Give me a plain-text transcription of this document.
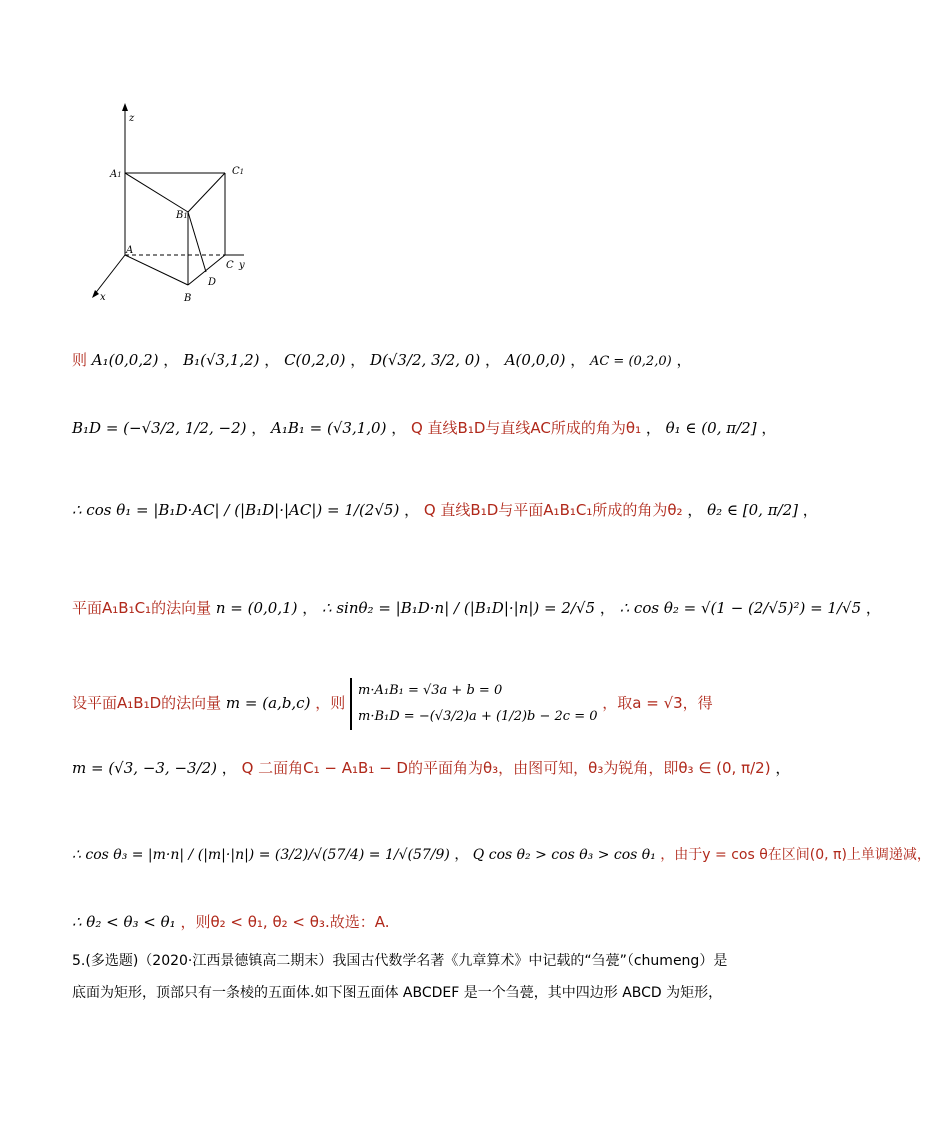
z
A1	C1
B1
A
C y
D
B
x
则 A₁(0,0,2) ， B₁(√3,1,2) ， C(0,2,0) ， D(√3/2, 3/2, 0) ， A(0,0,0) ， AC = (0,2,0) ，
B₁D = (−√3/2, 1/2, −2) ， A₁B₁ = (√3,1,0) ， Q 直线B₁D与直线AC所成的角为θ₁ ， θ₁ ∈ (0, π/2] ，
∴ cos θ₁ = |B₁D·AC| / (|B₁D|·|AC|) = 1/(2√5) ， Q 直线B₁D与平面A₁B₁C₁所成的角为θ₂ ， θ₂ ∈ [0, π/2] ，
平面A₁B₁C₁的法向量 n = (0,0,1) ， ∴ sinθ₂ = |B₁D·n| / (|B₁D|·|n|) = 2/√5 ， ∴ cos θ₂ = √(1 − (2/√5)²) = 1/√5 ，
设平面A₁B₁D的法向量 m = (a,b,c) ，则
m·A₁B₁ = √3a + b = 0
m·B₁D = −(√3/2)a + (1/2)b − 2c = 0
，取a = √3，得
m = (√3, −3, −3/2) ， Q 二面角C₁ − A₁B₁ − D的平面角为θ₃，由图可知，θ₃为锐角，即θ₃ ∈ (0, π/2) ，
∴ cos θ₃ = |m·n| / (|m|·|n|) = (3/2)/√(57/4) = 1/√(57/9) ， Q cos θ₂ > cos θ₃ > cos θ₁ ，由于y = cos θ在区间(0, π)上单调递减，
∴ θ₂ < θ₃ < θ₁ ，则θ₂ < θ₁, θ₂ < θ₃.故选：A.
5.(多选题)（2020·江西景德镇高二期末）我国古代数学名著《九章算术》中记载的“刍甍”（chumeng）是
底面为矩形，顶部只有一条棱的五面体.如下图五面体 ABCDEF 是一个刍甍，其中四边形 ABCD 为矩形，
